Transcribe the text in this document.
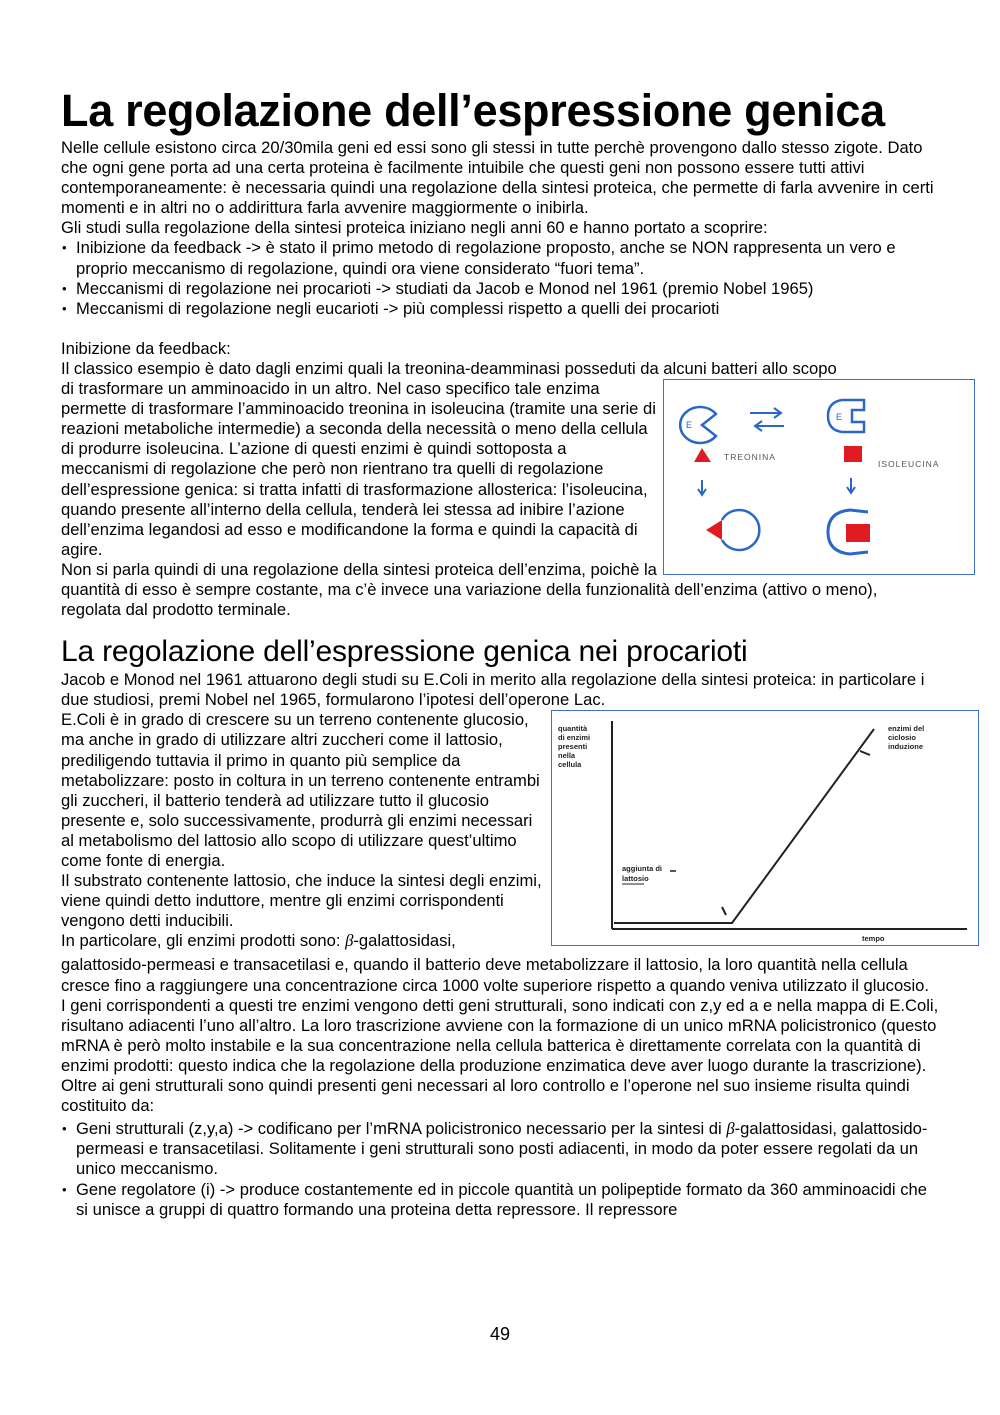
La regolazione dell’espressione genica

Nelle cellule esistono circa 20/30mila geni ed essi sono gli stessi in tutte perchè provengono dallo stesso zigote. Dato che ogni gene porta ad una certa proteina è facilmente intuibile che questi geni non possono essere tutti attivi contemporaneamente: è necessaria quindi una regolazione della sintesi proteica, che permette di farla avvenire in certi momenti e in altri no o addirittura farla avvenire maggiormente o inibirla.

Gli studi sulla regolazione della sintesi proteica iniziano negli anni 60 e hanno portato a scoprire:

• Inibizione da feedback -> è stato il primo metodo di regolazione proposto, anche se NON rappresenta un vero e proprio meccanismo di regolazione, quindi ora viene considerato “fuori tema”.
• Meccanismi di regolazione nei procarioti -> studiati da Jacob e Monod nel 1961 (premio Nobel 1965)
• Meccanismi di regolazione negli eucarioti -> più complessi rispetto a quelli dei procarioti

Inibizione da feedback:

Il classico esempio è dato dagli enzimi quali la treonina-deamminasi posseduti da alcuni batteri allo scopo

E
E
TREONINA
ISOLEUCINA

di trasformare un amminoacido in un altro. Nel caso specifico tale enzima permette di trasformare l’amminoacido treonina in isoleucina (tramite una serie di reazioni metaboliche intermedie) a seconda della necessità o meno della cellula di produrre isoleucina. L’azione di questi enzimi è quindi sottoposta a meccanismi di regolazione che però non rientrano tra quelli di regolazione dell’espressione genica: si tratta infatti di trasformazione allosterica: l’isoleucina, quando presente all’interno della cellula, tenderà lei stessa ad inibire l’azione dell’enzima legandosi ad esso e modificandone la forma e quindi la capacità di agire.

Non si parla quindi di una regolazione della sintesi proteica dell’enzima, poichè la quantità di esso è sempre costante, ma c’è invece una variazione della funzionalità dell’enzima (attivo o meno), regolata dal prodotto terminale.

La regolazione dell’espressione genica nei procarioti

Jacob e Monod nel 1961 attuarono degli studi su E.Coli in merito alla regolazione della sintesi proteica: in particolare i due studiosi, premi Nobel nel 1965, formularono l’ipotesi dell’operone Lac.

quantità
di enzimi
presenti
nella
cellula
aggiunta di
lattosio
enzimi del
ciclosio
induzione
tempo

E.Coli è in grado di crescere su un terreno contenente glucosio, ma anche in grado di utilizzare altri zuccheri come il lattosio, prediligendo tuttavia il primo in quanto più semplice da metabolizzare: posto in coltura in un terreno contenente entrambi gli zuccheri, il batterio tenderà ad utilizzare tutto il glucosio presente e, solo successivamente, produrrà gli enzimi necessari al metabolismo del lattosio allo scopo di utilizzare quest’ultimo come fonte di energia.

Il substrato contenente lattosio, che induce la sintesi degli enzimi, viene quindi detto induttore, mentre gli enzimi corrispondenti vengono detti inducibili.

In particolare, gli enzimi prodotti sono: β-galattosidasi,

galattosido-permeasi e transacetilasi e, quando il batterio deve metabolizzare il lattosio, la loro quantità nella cellula cresce fino a raggiungere una concentrazione circa 1000 volte superiore rispetto a quando veniva utilizzato il glucosio.

I geni corrispondenti a questi tre enzimi vengono detti geni strutturali, sono indicati con z,y ed a e nella mappa di E.Coli, risultano adiacenti l’uno all’altro. La loro trascrizione avviene con la formazione di un unico mRNA policistronico (questo mRNA è però molto instabile e la sua concentrazione nella cellula batterica è direttamente correlata con la quantità di enzimi prodotti: questo indica che la regolazione della produzione enzimatica deve aver luogo durante la trascrizione).

Oltre ai geni strutturali sono quindi presenti geni necessari al loro controllo e l’operone nel suo insieme risulta quindi costituito da:

• Geni strutturali (z,y,a) -> codificano per l’mRNA policistronico necessario per la sintesi di β-galattosidasi, galattosido-permeasi e transacetilasi. Solitamente i geni strutturali sono posti adiacenti, in modo da poter essere regolati da un unico meccanismo.
• Gene regolatore (i) -> produce costantemente ed in piccole quantità un polipeptide formato da 360 amminoacidi che si unisce a gruppi di quattro formando una proteina detta repressore. Il repressore
49
